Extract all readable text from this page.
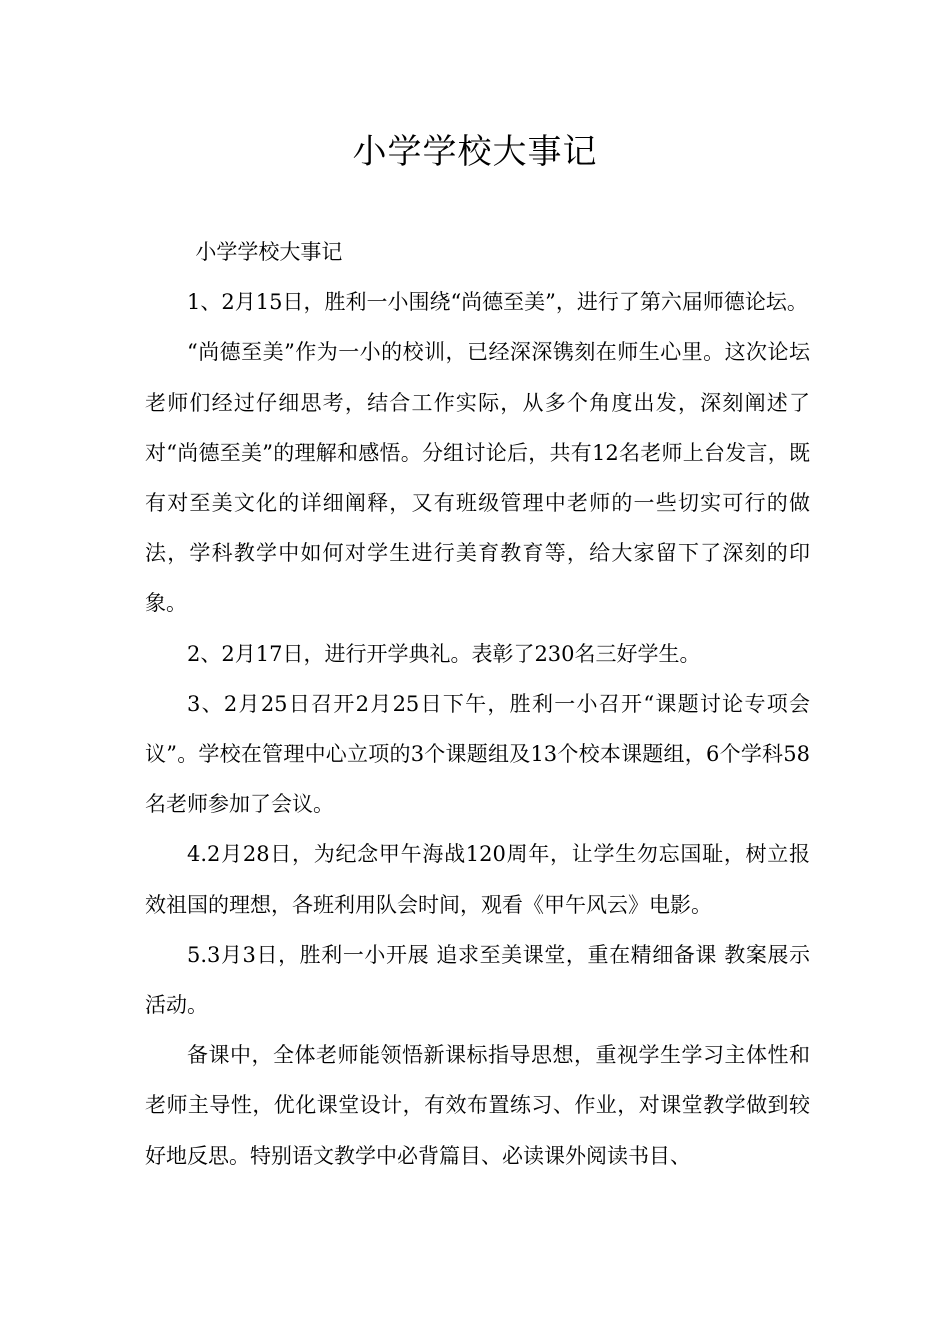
小学学校大事记

小学学校大事记

1、2月15日，胜利一小围绕“尚德至美”，进行了第六届师德论坛。

“尚德至美”作为一小的校训，已经深深镌刻在师生心里。这次论坛老师们经过仔细思考，结合工作实际，从多个角度出发，深刻阐述了对“尚德至美”的理解和感悟。分组讨论后，共有12名老师上台发言，既有对至美文化的详细阐释，又有班级管理中老师的一些切实可行的做法，学科教学中如何对学生进行美育教育等，给大家留下了深刻的印象。

2、2月17日，进行开学典礼。表彰了230名三好学生。

3、2月25日召开2月25日下午，胜利一小召开“课题讨论专项会议”。学校在管理中心立项的3个课题组及13个校本课题组，6个学科58名老师参加了会议。

4.2月28日，为纪念甲午海战120周年，让学生勿忘国耻，树立报效祖国的理想，各班利用队会时间，观看《甲午风云》电影。

5.3月3日，胜利一小开展 追求至美课堂，重在精细备课 教案展示活动。

备课中，全体老师能领悟新课标指导思想，重视学生学习主体性和老师主导性，优化课堂设计，有效布置练习、作业，对课堂教学做到较好地反思。特别语文教学中必背篇目、必读课外阅读书目、
